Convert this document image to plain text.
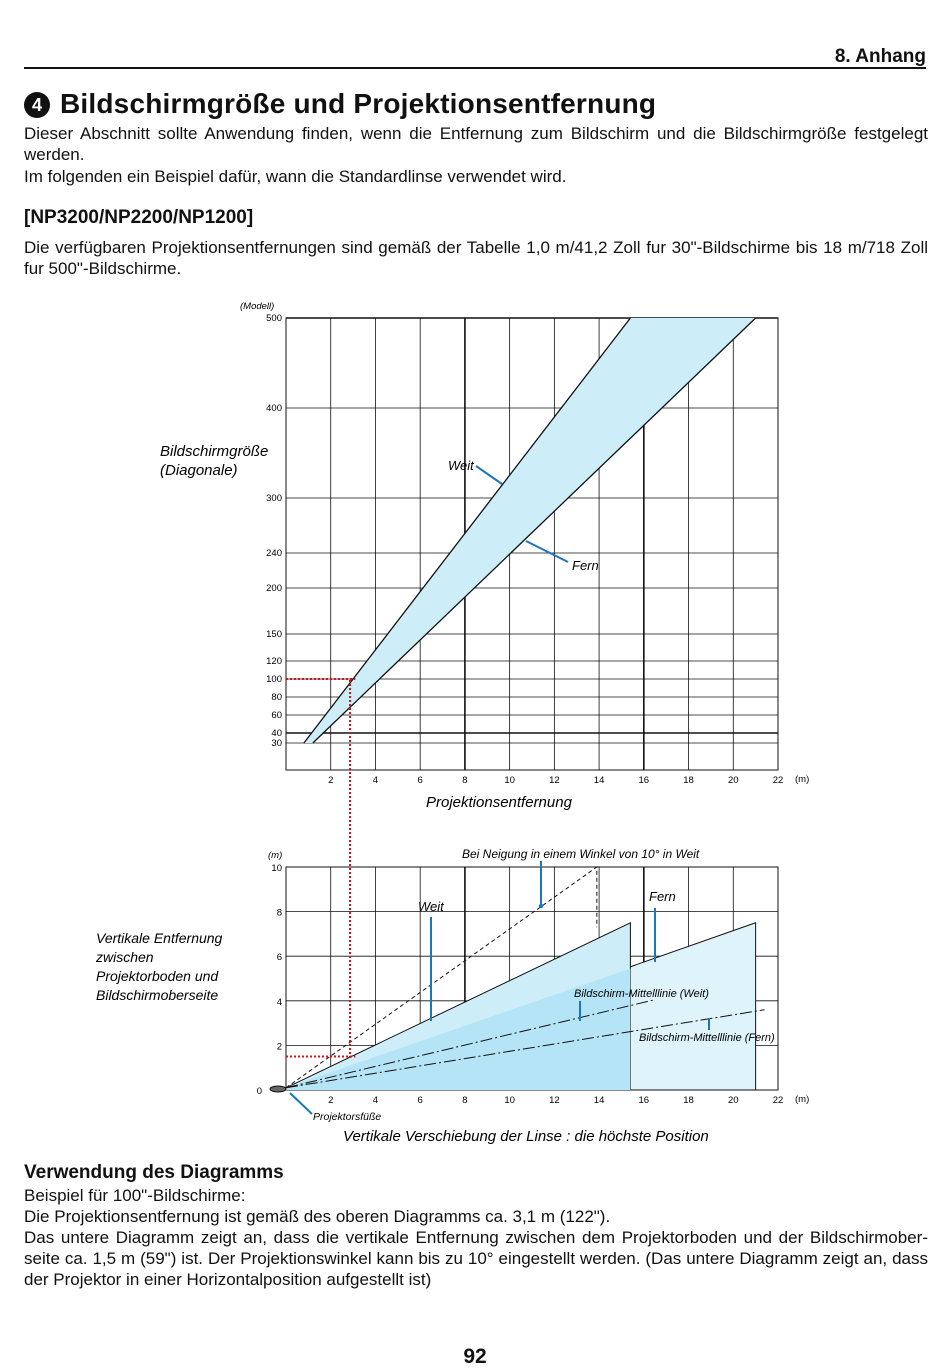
8. Anhang
4 Bildschirmgröße und Projektionsentfernung
Dieser Abschnitt sollte Anwendung finden, wenn die Entfernung zum Bildschirm und die Bildschirmgröße festgelegt werden.
Im folgenden ein Beispiel dafür, wann die Standardlinse verwendet wird.
[NP3200/NP2200/NP1200]
Die verfügbaren Projektionsentfernungen sind gemäß der Tabelle 1,0 m/41,2 Zoll fur 30"-Bildschirme bis 18 m/718 Zoll fur 500"-Bildschirme.
2	4	6	8	10	12	14	16	18	20	22
30
40
60
80
100
120
150
200
240
300
400
500
(Modell)
(m)
Bildschirmgröße
(Diagonale)
Projektionsentfernung
Weit
Fern
2	4	6	8	10	12	14	16	18	20	22
0
2
4
6
8
10
(m)
(m)
Vertikale Entfernung
zwischen
Projektorboden und
Bildschirmoberseite
Vertikale Verschiebung der Linse : die höchste Position
Bei Neigung in einem Winkel von 10° in Weit
Weit
Fern
Bildschirm-Mittelllinie (Weit)
Bildschirm-Mittelllinie (Fern)
Projektorsfüße
Verwendung des Diagramms
Beispiel für 100"-Bildschirme:
Die Projektionsentfernung ist gemäß des oberen Diagramms ca. 3,1 m (122").
Das untere Diagramm zeigt an, dass die vertikale Entfernung zwischen dem Projektorboden und der Bildschirmober-seite ca. 1,5 m (59") ist. Der Projektionswinkel kann bis zu 10° eingestellt werden. (Das untere Diagramm zeigt an, dass der Projektor in einer Horizontalposition aufgestellt ist)
92
